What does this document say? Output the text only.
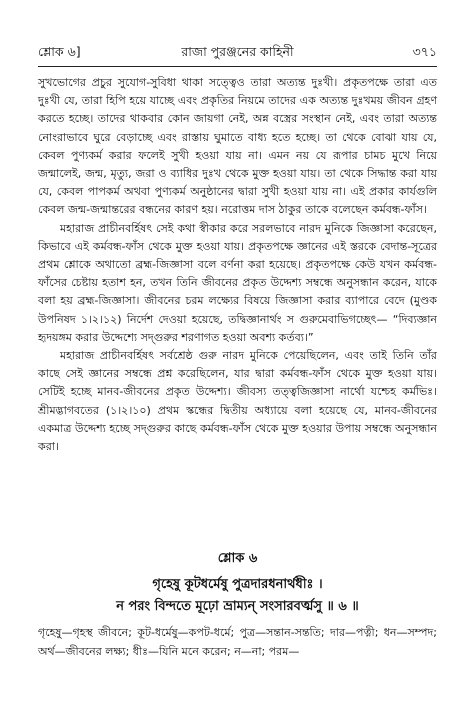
শ্লোক ৬]	রাজা পুরঞ্জনের কাহিনী	৩৭১

সুখভোগের প্রচুর সুযোগ-সুবিধা থাকা সত্ত্বেও তারা অত্যন্ত দুঃখী। প্রকৃতপক্ষে তারা এত দুঃখী যে, তারা হিপি হয়ে যাচ্ছে এবং প্রকৃতির নিয়মে তাদের এক অত্যন্ত দুঃখময় জীবন গ্রহণ করতে হচ্ছে। তাদের থাকবার কোন জায়গা নেই, অন্ন বস্ত্রের সংস্থান নেই, এবং তারা অত্যন্ত নোংরাভাবে ঘুরে বেড়াচ্ছে এবং রাস্তায় ঘুমাতে বাধ্য হতে হচ্ছে। তা থেকে বোঝা যায় যে, কেবল পুণ্যকর্ম করার ফলেই সুখী হওয়া যায় না। এমন নয় যে রূপার চামচ মুখে নিয়ে জন্মালেই, জন্ম, মৃত্যু, জরা ও ব্যাধির দুঃখ থেকে মুক্ত হওয়া যায়। তা থেকে সিদ্ধান্ত করা যায় যে, কেবল পাপকর্ম অথবা পুণ্যকর্ম অনুষ্ঠানের দ্বারা সুখী হওয়া যায় না। এই প্রকার কার্যগুলি কেবল জন্ম-জন্মান্তরের বন্ধনের কারণ হয়। নরোত্তম দাস ঠাকুর তাকে বলেছেন কর্মবন্ধ-ফাঁস।

মহারাজ প্রাচীনবর্হিষৎ সেই কথা স্বীকার করে সরলভাবে নারদ মুনিকে জিজ্ঞাসা করেছেন, কিভাবে এই কর্মবন্ধ-ফাঁস থেকে মুক্ত হওয়া যায়। প্রকৃতপক্ষে জ্ঞানের এই স্তরকে বেদান্ত-সূত্রের প্রথম শ্লোকে অথাতো ব্রহ্ম-জিজ্ঞাসা বলে বর্ণনা করা হয়েছে। প্রকৃতপক্ষে কেউ যখন কর্মবন্ধ-ফাঁসের চেষ্টায় হতাশ হন, তখন তিনি জীবনের প্রকৃত উদ্দেশ্য সম্বন্ধে অনুসন্ধান করেন, যাকে বলা হয় ব্রহ্ম-জিজ্ঞাসা। জীবনের চরম লক্ষ্যের বিষয়ে জিজ্ঞাসা করার ব্যাপারে বেদে (মুণ্ডক উপনিষদ ১।২।১২) নির্দেশ দেওয়া হয়েছে, তদ্বিজ্ঞানার্থং স গুরুমেবাভিগচ্ছেৎ— “দিব্যজ্ঞান হৃদয়ঙ্গম করার উদ্দেশ্যে সদ্গুরুর শরণাগত হওয়া অবশ্য কর্তব্য।”

মহারাজ প্রাচীনবর্হিষৎ সর্বশ্রেষ্ঠ গুরু নারদ মুনিকে পেয়েছিলেন, এবং তাই তিনি তাঁর কাছে সেই জ্ঞানের সম্বন্ধে প্রশ্ন করেছিলেন, যার দ্বারা কর্মবন্ধ-ফাঁস থেকে মুক্ত হওয়া যায়। সেটিই হচ্ছে মানব-জীবনের প্রকৃত উদ্দেশ্য। জীবস্য তত্ত্বজিজ্ঞাসা নার্থো যশ্চেহ কর্মভিঃ। শ্রীমদ্ভাগবতের (১।২।১০) প্রথম স্কন্ধের দ্বিতীয় অধ্যায়ে বলা হয়েছে যে, মানব-জীবনের একমাত্র উদ্দেশ্য হচ্ছে সদ্গুরুর কাছে কর্মবন্ধ-ফাঁস থেকে মুক্ত হওয়ার উপায় সম্বন্ধে অনুসন্ধান করা।

শ্লোক ৬
গৃহেষু কূটধর্মেষু পুত্রদারধনার্থধীঃ ।
ন পরং বিন্দতে মূঢ়ো ভ্রাম্যন্ সংসারবর্ত্মসু ॥ ৬ ॥

গৃহেষু—গৃহস্থ জীবনে; কূট-ধর্মেষু—কপট-ধর্মে; পুত্র—সন্তান-সন্ততি; দার—পত্নী; ধন—সম্পদ; অর্থ—জীবনের লক্ষ্য; ধীঃ—যিনি মনে করেন; ন—না; পরম—
